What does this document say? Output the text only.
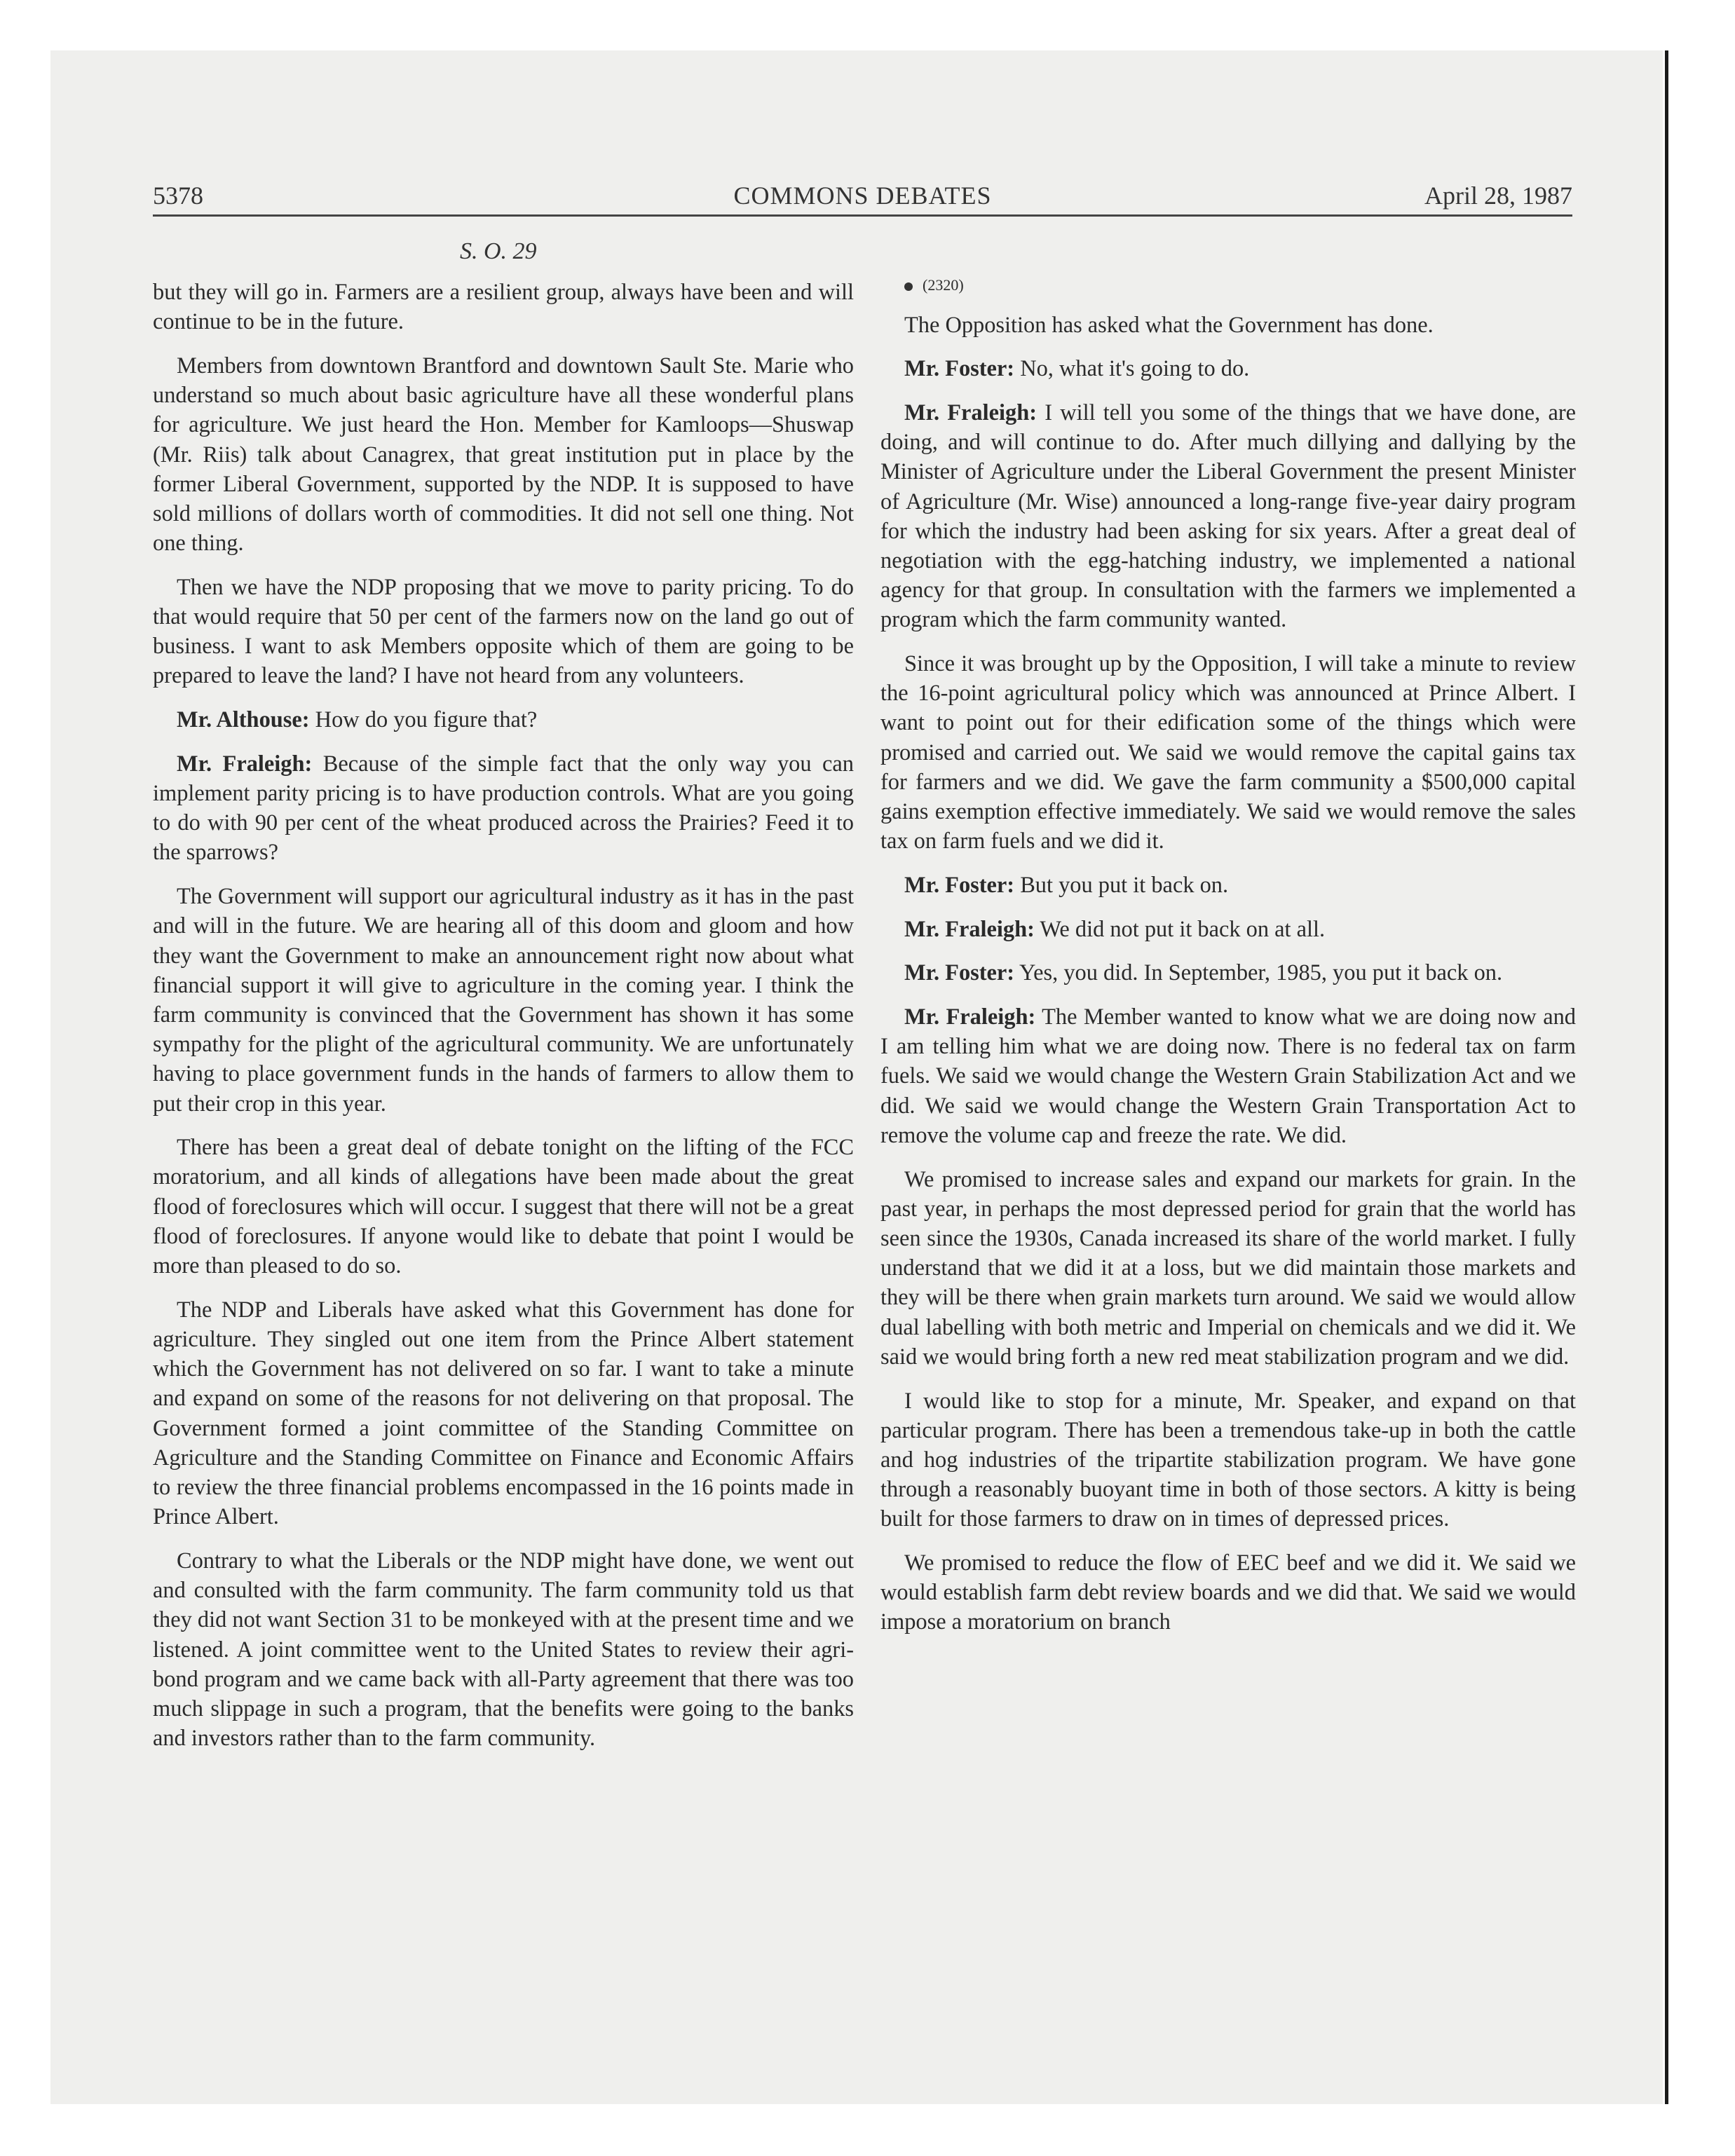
5378	COMMONS DEBATES	April 28, 1987
S. O. 29

but they will go in. Farmers are a resilient group, always have been and will continue to be in the future.

Members from downtown Brantford and downtown Sault Ste. Marie who understand so much about basic agriculture have all these wonderful plans for agriculture. We just heard the Hon. Member for Kamloops—Shuswap (Mr. Riis) talk about Canagrex, that great institution put in place by the former Liberal Government, supported by the NDP. It is supposed to have sold millions of dollars worth of commodities. It did not sell one thing. Not one thing.

Then we have the NDP proposing that we move to parity pricing. To do that would require that 50 per cent of the farmers now on the land go out of business. I want to ask Members opposite which of them are going to be prepared to leave the land? I have not heard from any volunteers.

Mr. Althouse: How do you figure that?

Mr. Fraleigh: Because of the simple fact that the only way you can implement parity pricing is to have production controls. What are you going to do with 90 per cent of the wheat produced across the Prairies? Feed it to the sparrows?

The Government will support our agricultural industry as it has in the past and will in the future. We are hearing all of this doom and gloom and how they want the Government to make an announcement right now about what financial support it will give to agriculture in the coming year. I think the farm community is convinced that the Government has shown it has some sympathy for the plight of the agricultural community. We are unfortunately having to place government funds in the hands of farmers to allow them to put their crop in this year.

There has been a great deal of debate tonight on the lifting of the FCC moratorium, and all kinds of allegations have been made about the great flood of foreclosures which will occur. I suggest that there will not be a great flood of foreclosures. If anyone would like to debate that point I would be more than pleased to do so.

The NDP and Liberals have asked what this Government has done for agriculture. They singled out one item from the Prince Albert statement which the Government has not delivered on so far. I want to take a minute and expand on some of the reasons for not delivering on that proposal. The Government formed a joint committee of the Standing Committee on Agriculture and the Standing Committee on Finance and Economic Affairs to review the three financial problems encompassed in the 16 points made in Prince Albert.

Contrary to what the Liberals or the NDP might have done, we went out and consulted with the farm community. The farm community told us that they did not want Section 31 to be monkeyed with at the present time and we listened. A joint committee went to the United States to review their agri-bond program and we came back with all-Party agreement that there was too much slippage in such a program, that the benefits were going to the banks and investors rather than to the farm community.

(2320)

The Opposition has asked what the Government has done.

Mr. Foster: No, what it's going to do.

Mr. Fraleigh: I will tell you some of the things that we have done, are doing, and will continue to do. After much dillying and dallying by the Minister of Agriculture under the Liberal Government the present Minister of Agriculture (Mr. Wise) announced a long-range five-year dairy program for which the industry had been asking for six years. After a great deal of negotiation with the egg-hatching industry, we implemented a national agency for that group. In consultation with the farmers we implemented a program which the farm community wanted.

Since it was brought up by the Opposition, I will take a minute to review the 16-point agricultural policy which was announced at Prince Albert. I want to point out for their edification some of the things which were promised and carried out. We said we would remove the capital gains tax for farmers and we did. We gave the farm community a $500,000 capital gains exemption effective immediately. We said we would remove the sales tax on farm fuels and we did it.

Mr. Foster: But you put it back on.

Mr. Fraleigh: We did not put it back on at all.

Mr. Foster: Yes, you did. In September, 1985, you put it back on.

Mr. Fraleigh: The Member wanted to know what we are doing now and I am telling him what we are doing now. There is no federal tax on farm fuels. We said we would change the Western Grain Stabilization Act and we did. We said we would change the Western Grain Transportation Act to remove the volume cap and freeze the rate. We did.

We promised to increase sales and expand our markets for grain. In the past year, in perhaps the most depressed period for grain that the world has seen since the 1930s, Canada increased its share of the world market. I fully understand that we did it at a loss, but we did maintain those markets and they will be there when grain markets turn around. We said we would allow dual labelling with both metric and Imperial on chemicals and we did it. We said we would bring forth a new red meat stabilization program and we did.

I would like to stop for a minute, Mr. Speaker, and expand on that particular program. There has been a tremendous take-up in both the cattle and hog industries of the tripartite stabilization program. We have gone through a reasonably buoyant time in both of those sectors. A kitty is being built for those farmers to draw on in times of depressed prices.

We promised to reduce the flow of EEC beef and we did it. We said we would establish farm debt review boards and we did that. We said we would impose a moratorium on branch
